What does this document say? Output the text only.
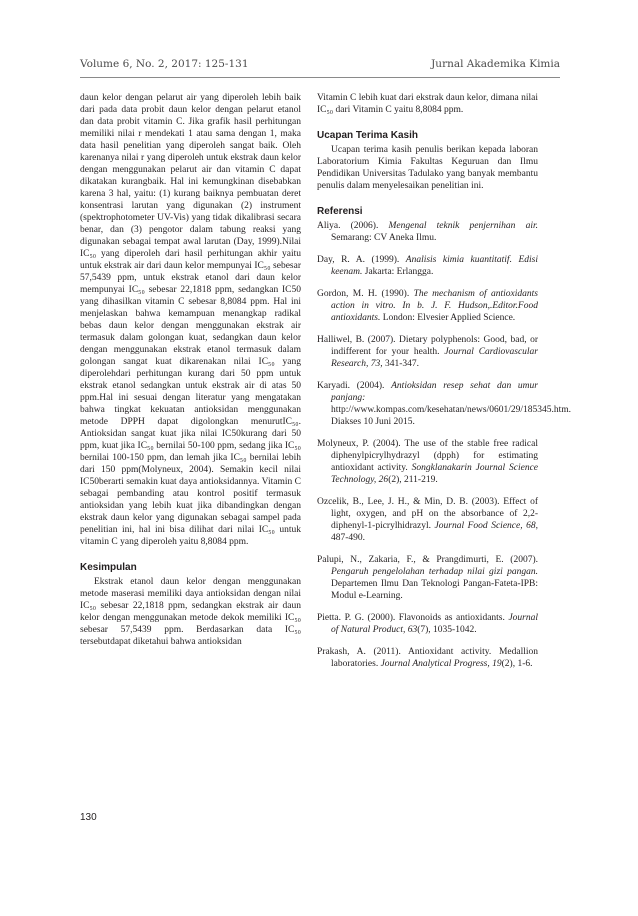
Volume 6, No. 2, 2017: 125-131	Jurnal Akademika Kimia

daun kelor dengan pelarut air yang diperoleh lebih baik dari pada data probit daun kelor dengan pelarut etanol dan data probit vitamin C. Jika grafik hasil perhitungan memiliki nilai r mendekati 1 atau sama dengan 1, maka data hasil penelitian yang diperoleh sangat baik. Oleh karenanya nilai r yang diperoleh untuk ekstrak daun kelor dengan menggunakan pelarut air dan vitamin C dapat dikatakan kurangbaik. Hal ini kemungkinan disebabkan karena 3 hal, yaitu: (1) kurang baiknya pembuatan deret konsentrasi larutan yang digunakan (2) instrument (spektrophotometer UV-Vis) yang tidak dikalibrasi secara benar, dan (3) pengotor dalam tabung reaksi yang digunakan sebagai tempat awal larutan (Day, 1999).Nilai IC₅₀ yang diperoleh dari hasil perhitungan akhir yaitu untuk ekstrak air dari daun kelor mempunyai IC₅₀ sebesar 57,5439 ppm, untuk ekstrak etanol dari daun kelor mempunyai IC₅₀ sebesar 22,1818 ppm, sedangkan IC50 yang dihasilkan vitamin C sebesar 8,8084 ppm. Hal ini menjelaskan bahwa kemampuan menangkap radikal bebas daun kelor dengan menggunakan ekstrak air termasuk dalam golongan kuat, sedangkan daun kelor dengan menggunakan ekstrak etanol termasuk dalam golongan sangat kuat dikarenakan nilai IC₅₀ yang diperolehdari perhitungan kurang dari 50 ppm untuk ekstrak etanol sedangkan untuk ekstrak air di atas 50 ppm.Hal ini sesuai dengan literatur yang mengatakan bahwa tingkat kekuatan antioksidan menggunakan metode DPPH dapat digolongkan menurutIC₅₀. Antioksidan sangat kuat jika nilai IC50kurang dari 50 ppm, kuat jika IC₅₀ bernilai 50-100 ppm, sedang jika IC₅₀ bernilai 100-150 ppm, dan lemah jika IC₅₀ bernilai lebih dari 150 ppm(Molyneux, 2004). Semakin kecil nilai IC50berarti semakin kuat daya antioksidannya. Vitamin C sebagai pembanding atau kontrol positif termasuk antioksidan yang lebih kuat jika dibandingkan dengan ekstrak daun kelor yang digunakan sebagai sampel pada penelitian ini, hal ini bisa dilihat dari nilai IC₅₀ untuk vitamin C yang diperoleh yaitu 8,8084 ppm.

Kesimpulan

Ekstrak etanol daun kelor dengan menggunakan metode maserasi memiliki daya antioksidan dengan nilai IC₅₀ sebesar 22,1818 ppm, sedangkan ekstrak air daun kelor dengan menggunakan metode dekok memiliki IC₅₀ sebesar 57,5439 ppm. Berdasarkan data IC₅₀ tersebutdapat diketahui bahwa antioksidan

Vitamin C lebih kuat dari ekstrak daun kelor, dimana nilai IC₅₀ dari Vitamin C yaitu 8,8084 ppm.

Ucapan Terima Kasih

Ucapan terima kasih penulis berikan kepada laboran Laboratorium Kimia Fakultas Keguruan dan Ilmu Pendidikan Universitas Tadulako yang banyak membantu penulis dalam menyelesaikan penelitian ini.

Referensi

Aliya. (2006). Mengenal teknik penjernihan air. Semarang: CV Aneka Ilmu.

Day, R. A. (1999). Analisis kimia kuantitatif. Edisi keenam. Jakarta: Erlangga.

Gordon, M. H. (1990). The mechanism of antioxidants action in vitro. In b. J. F. Hudson,.Editor.Food antioxidants. London: Elvesier Applied Science.

Halliwel, B. (2007). Dietary polyphenols: Good, bad, or indifferent for your health. Journal Cardiovascular Research, 73, 341-347.

Karyadi. (2004). Antioksidan resep sehat dan umur panjang: http://www.kompas.com/kesehatan/news/0601/29/185345.htm. Diakses 10 Juni 2015.

Molyneux, P. (2004). The use of the stable free radical diphenylpicrylhydrazyl (dpph) for estimating antioxidant activity. Songklanakarin Journal Science Technology, 26(2), 211-219.

Ozcelik, B., Lee, J. H., & Min, D. B. (2003). Effect of light, oxygen, and pH on the absorbance of 2,2-diphenyl-1-picrylhidrazyl. Journal Food Science, 68, 487-490.

Palupi, N., Zakaria, F., & Prangdimurti, E. (2007). Pengaruh pengelolahan terhadap nilai gizi pangan. Departemen Ilmu Dan Teknologi Pangan-Fateta-IPB: Modul e-Learning.

Pietta. P. G. (2000). Flavonoids as antioxidants. Journal of Natural Product, 63(7), 1035-1042.

Prakash, A. (2011). Antioxidant activity. Medallion laboratories. Journal Analytical Progress, 19(2), 1-6.

130
